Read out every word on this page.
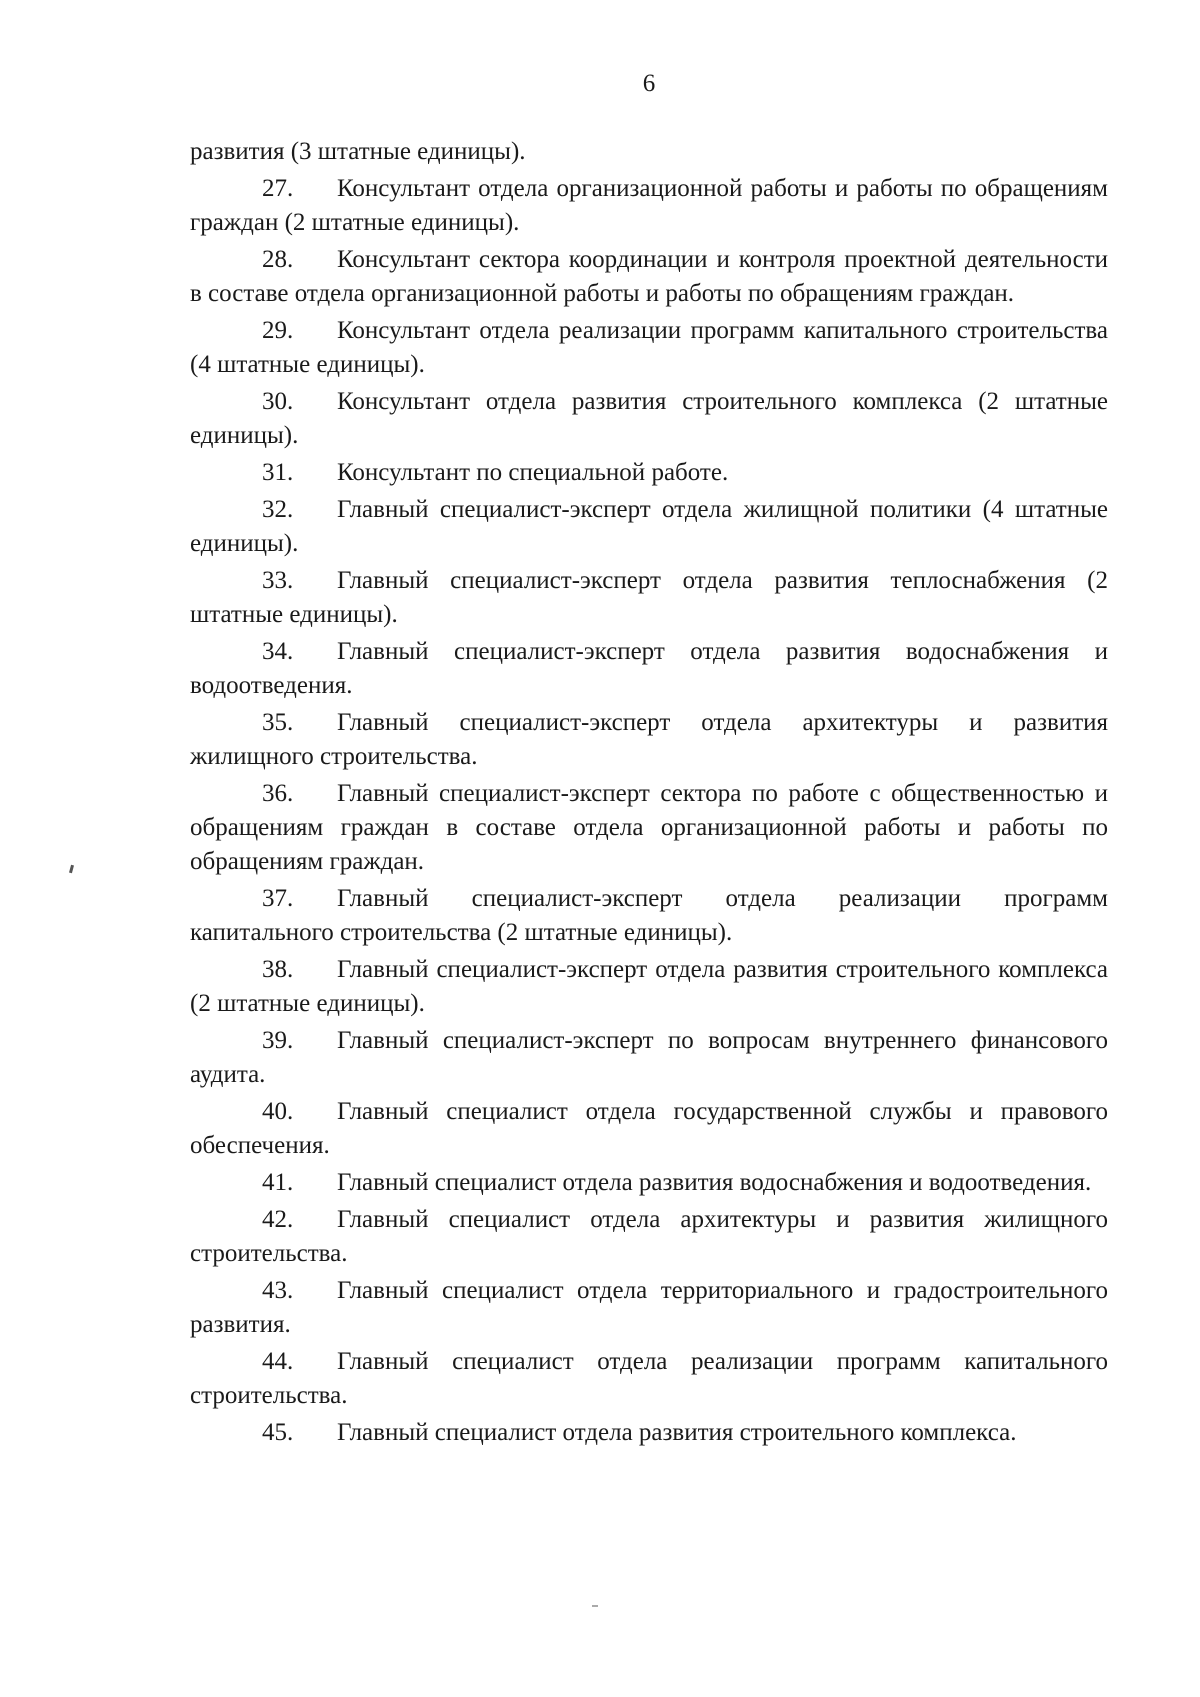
6

развития (3 штатные единицы).

27. Консультант отдела организационной работы и работы по обращениям граждан (2 штатные единицы).

28. Консультант сектора координации и контроля проектной деятельности в составе отдела организационной работы и работы по обращениям граждан.

29. Консультант отдела реализации программ капитального строительства (4 штатные единицы).

30. Консультант отдела развития строительного комплекса (2 штатные единицы).

31. Консультант по специальной работе.

32. Главный специалист-эксперт отдела жилищной политики (4 штатные единицы).

33. Главный специалист-эксперт отдела развития теплоснабжения (2 штатные единицы).

34. Главный специалист-эксперт отдела развития водоснабжения и водоотведения.

35. Главный специалист-эксперт отдела архитектуры и развития жилищного строительства.

36. Главный специалист-эксперт сектора по работе с общественностью и обращениям граждан в составе отдела организационной работы и работы по обращениям граждан.

37. Главный специалист-эксперт отдела реализации программ капитального строительства (2 штатные единицы).

38. Главный специалист-эксперт отдела развития строительного комплекса (2 штатные единицы).

39. Главный специалист-эксперт по вопросам внутреннего финансового аудита.

40. Главный специалист отдела государственной службы и правового обеспечения.

41. Главный специалист отдела развития водоснабжения и водоотведения.

42. Главный специалист отдела архитектуры и развития жилищного строительства.

43. Главный специалист отдела территориального и градостроительного развития.

44. Главный специалист отдела реализации программ капитального строительства.

45. Главный специалист отдела развития строительного комплекса.
